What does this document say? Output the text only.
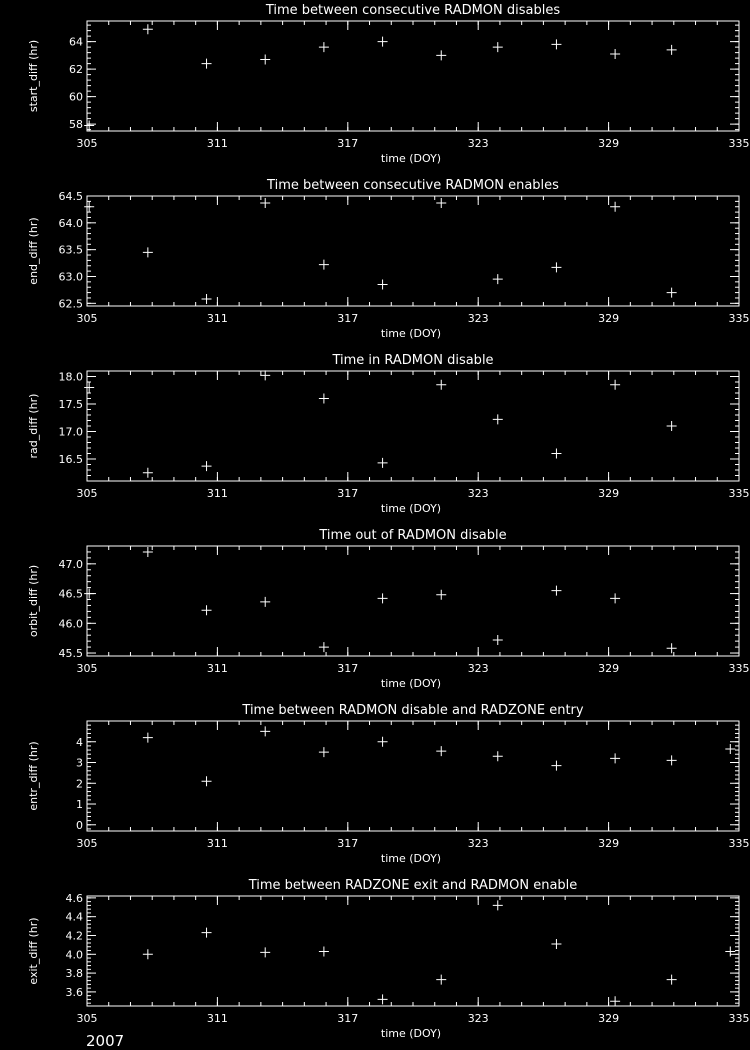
Time between consecutive RADMON disables
305	311	317	323	329	335
58
60
62
64
time (DOY)
start_diff (hr)
Time between consecutive RADMON enables
305	311	317	323	329	335
62.5
63.0
63.5
64.0
64.5
time (DOY)
end_diff (hr)
Time in RADMON disable
305	311	317	323	329	335
16.5
17.0
17.5
18.0
time (DOY)
rad_diff (hr)
Time out of RADMON disable
305	311	317	323	329	335
45.5
46.0
46.5
47.0
time (DOY)
orbit_diff (hr)
Time between RADMON disable and RADZONE entry
305	311	317	323	329	335
0
1
2
3
4
time (DOY)
entr_diff (hr)
Time between RADZONE exit and RADMON enable
305	311	317	323	329	335
3.6
3.8
4.0
4.2
4.4
4.6
time (DOY)
exit_diff (hr)
2007
